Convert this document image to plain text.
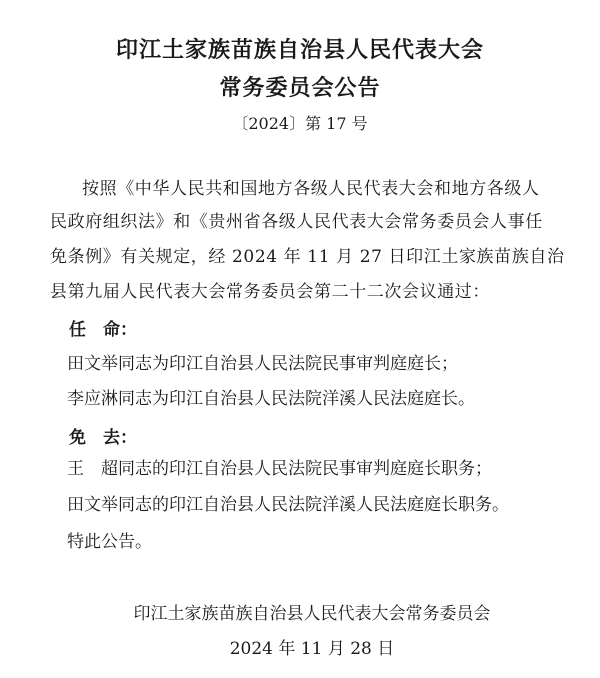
印江土家族苗族自治县人民代表大会
常务委员会公告
〔2024〕第 17 号
按照《中华人民共和国地方各级人民代表大会和地方各级人
民政府组织法》和《贵州省各级人民代表大会常务委员会人事任
免条例》有关规定，经 2024 年 11 月 27 日印江土家族苗族自治
县第九届人民代表大会常务委员会第二十二次会议通过：
任　命：
田文举同志为印江自治县人民法院民事审判庭庭长；
李应淋同志为印江自治县人民法院洋溪人民法庭庭长。
免　去：
王　超同志的印江自治县人民法院民事审判庭庭长职务；
田文举同志的印江自治县人民法院洋溪人民法庭庭长职务。
特此公告。
印江土家族苗族自治县人民代表大会常务委员会
2024 年 11 月 28 日
